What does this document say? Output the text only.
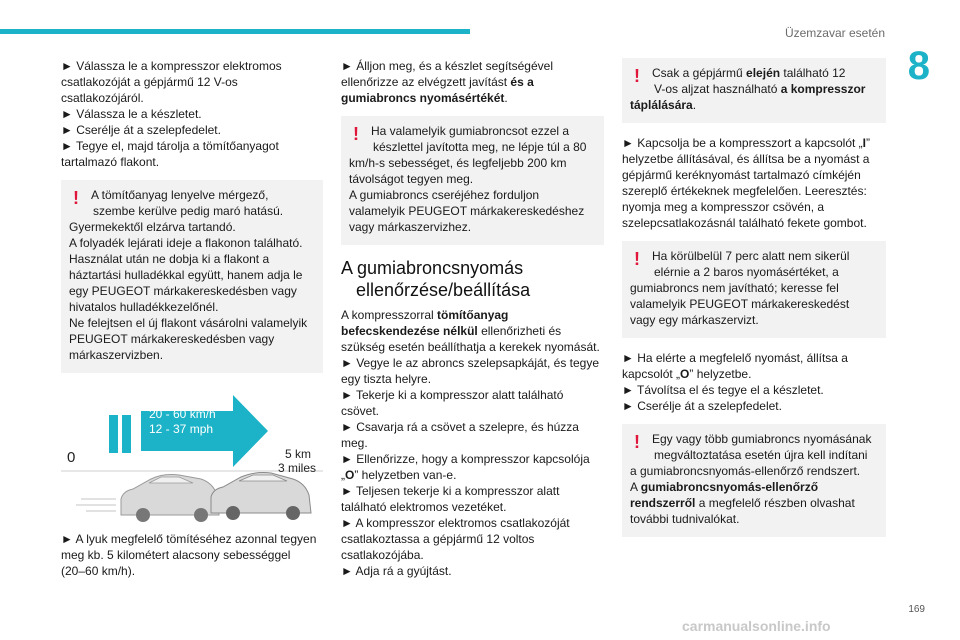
Üzemzavar esetén
8
► Válassza le a kompresszor elektromos
csatlakozóját a gépjármű 12 V-os
csatlakozójáról.
► Válassza le a készletet.
► Cserélje át a szelepfedelet.
► Tegye el, majd tárolja a tömítőanyagot
tartalmazó flakont.
!	A tömítőanyag lenyelve mérgező,
szembe kerülve pedig maró hatású.
Gyermekektől elzárva tartandó.
A folyadék lejárati ideje a flakonon található.
Használat után ne dobja ki a flakont a
háztartási hulladékkal együtt, hanem adja le
egy PEUGEOT márkakereskedésben vagy
hivatalos hulladékkezelőnél.
Ne felejtsen el új flakont vásárolni valamelyik
PEUGEOT márkakereskedésben vagy
márkaszervizben.
20 - 60 km/h
12 - 37 mph
0	5 km
3 miles
► A lyuk megfelelő tömítéséhez azonnal tegyen
meg kb. 5 kilométert alacsony sebességgel
(20–60 km/h).
► Álljon meg, és a készlet segítségével
ellenőrizze az elvégzett javítást és a
gumiabroncs nyomásértékét.
!	Ha valamelyik gumiabroncsot ezzel a
készlettel javította meg, ne lépje túl a 80
km/h-s sebességet, és legfeljebb 200 km
távolságot tegyen meg.
A gumiabroncs cseréjéhez forduljon
valamelyik PEUGEOT márkakereskedéshez
vagy márkaszervizhez.
A gumiabroncsnyomás
ellenőrzése/beállítása
A kompresszorral tömítőanyag
befecskendezése nélkül ellenőrizheti és
szükség esetén beállíthatja a kerekek nyomását.
► Vegye le az abroncs szelepsapkáját, és tegye
egy tiszta helyre.
► Tekerje ki a kompresszor alatt található
csövet.
► Csavarja rá a csövet a szelepre, és húzza
meg.
► Ellenőrizze, hogy a kompresszor kapcsolója
„O” helyzetben van-e.
► Teljesen tekerje ki a kompresszor alatt
található elektromos vezetéket.
► A kompresszor elektromos csatlakozóját
csatlakoztassa a gépjármű 12 voltos
csatlakozójába.
► Adja rá a gyújtást.
!	Csak a gépjármű elején található 12
V-os aljzat használható a kompresszor
táplálására.
► Kapcsolja be a kompresszort a kapcsolót „I”
helyzetbe állításával, és állítsa be a nyomást a
gépjármű keréknyomást tartalmazó címkéjén
szereplő értékeknek megfelelően. Leeresztés:
nyomja meg a kompresszor csövén, a
szelepcsatlakozásnál található fekete gombot.
!	Ha körülbelül 7 perc alatt nem sikerül
elérnie a 2 baros nyomásértéket, a
gumiabroncs nem javítható; keresse fel
valamelyik PEUGEOT márkakereskedést
vagy egy márkaszervizt.
► Ha elérte a megfelelő nyomást, állítsa a
kapcsolót „O” helyzetbe.
► Távolítsa el és tegye el a készletet.
► Cserélje át a szelepfedelet.
!	Egy vagy több gumiabroncs nyomásának
megváltoztatása esetén újra kell indítani
a gumiabroncsnyomás-ellenőrző rendszert.
A gumiabroncsnyomás-ellenőrző
rendszerről a megfelelő részben olvashat
további tudnivalókat.
169
carmanualsonline.info
